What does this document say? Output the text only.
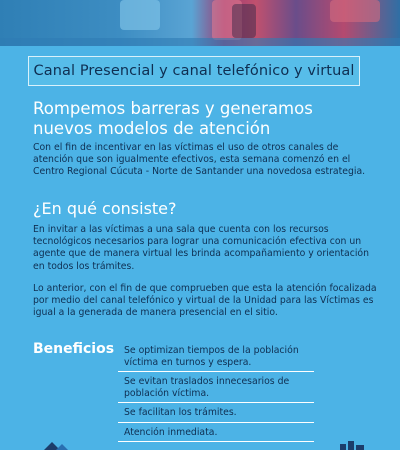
Canal Presencial y canal telefónico y virtual
Rompemos barreras y generamos nuevos modelos de atención

Con el fin de incentivar en las víctimas el uso de otros canales de atención que son igualmente efectivos, esta semana comenzó en el Centro Regional Cúcuta - Norte de Santander una novedosa estrategia.

¿En qué consiste?

En invitar a las víctimas a una sala que cuenta con los recursos tecnológicos necesarios para lograr una comunicación efectiva con un agente que de manera virtual les brinda acompañamiento y orientación en todos los trámites.

Lo anterior, con el fin de que comprueben que esta la atención focalizada por medio del canal telefónico y virtual de la Unidad para las Víctimas es igual a la generada de manera presencial en el sitio.

Beneficios	Se optimizan tiempos de la población víctima en turnos y espera.
Se evitan traslados innecesarios de población víctima.
Se facilitan los trámites.
Atención inmediata.
